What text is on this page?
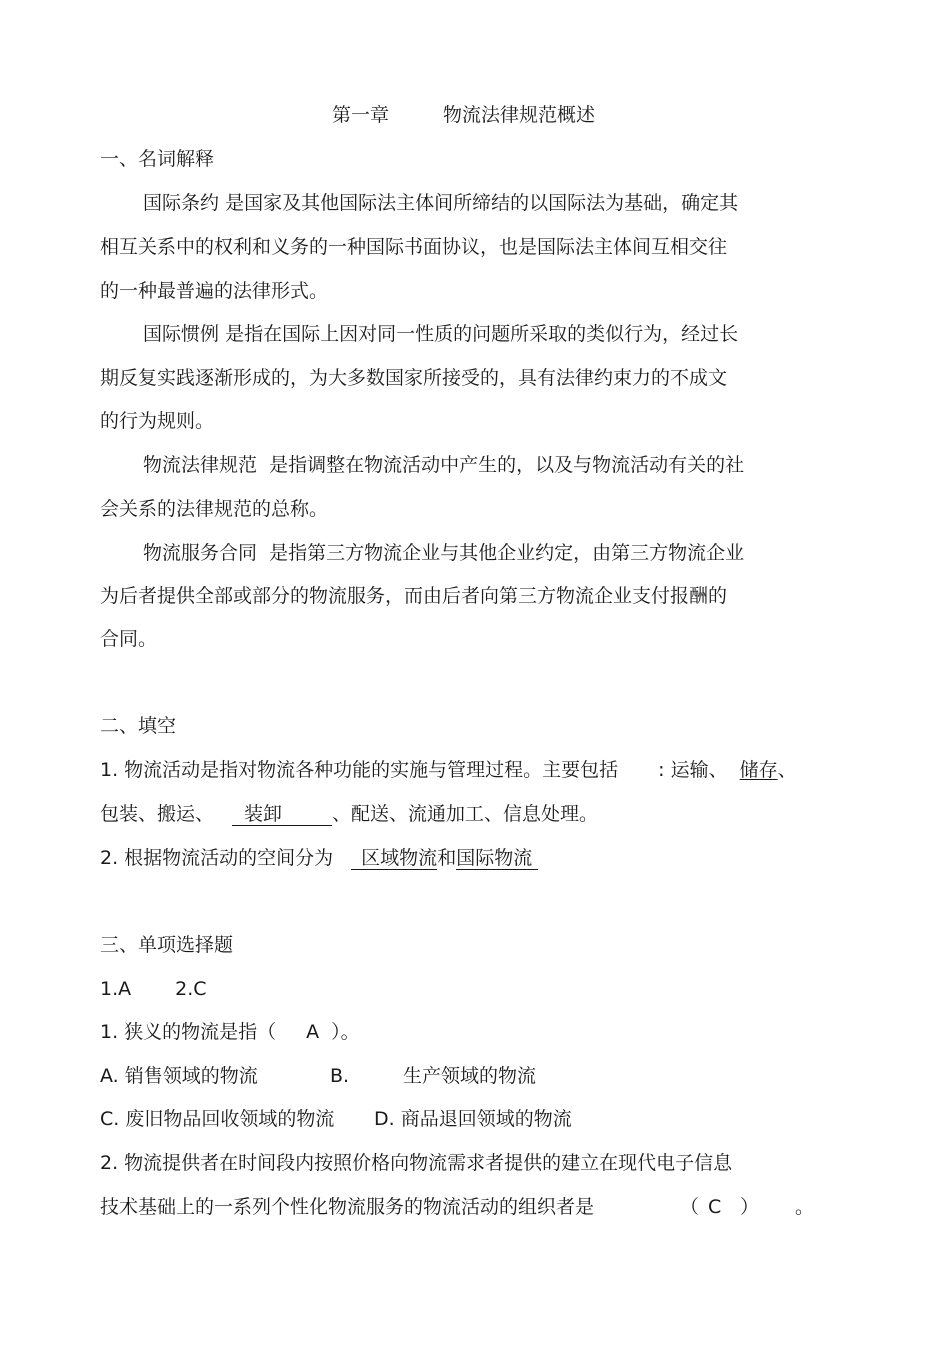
第一章	物流法律规范概述
一、名词解释
国际条约 是国家及其他国际法主体间所缔结的以国际法为基础，确定其
相互关系中的权利和义务的一种国际书面协议，也是国际法主体间互相交往
的一种最普遍的法律形式。
国际惯例 是指在国际上因对同一性质的问题所采取的类似行为，经过长
期反复实践逐渐形成的，为大多数国家所接受的，具有法律约束力的不成文
的行为规则。
物流法律规范 是指调整在物流活动中产生的，以及与物流活动有关的社
会关系的法律规范的总称。
物流服务合同 是指第三方物流企业与其他企业约定，由第三方物流企业
为后者提供全部或部分的物流服务，而由后者向第三方物流企业支付报酬的
合同。
二、填空
1. 物流活动是指对物流各种功能的实施与管理过程。主要包括 : 运输、 储存、
包装、搬运、 装卸	、配送、流通加工、信息处理。
2. 根据物流活动的空间分为 区域物流和国际物流
三、单项选择题
1.A 2.C
1. 狭义的物流是指（ A ）。
A. 销售领域的物流	B.	生产领域的物流
C. 废旧物品回收领域的物流 D. 商品退回领域的物流
2. 物流提供者在时间段内按照价格向物流需求者提供的建立在现代电子信息
技术基础上的一系列个性化物流服务的物流活动的组织者是	（ C ） 。
